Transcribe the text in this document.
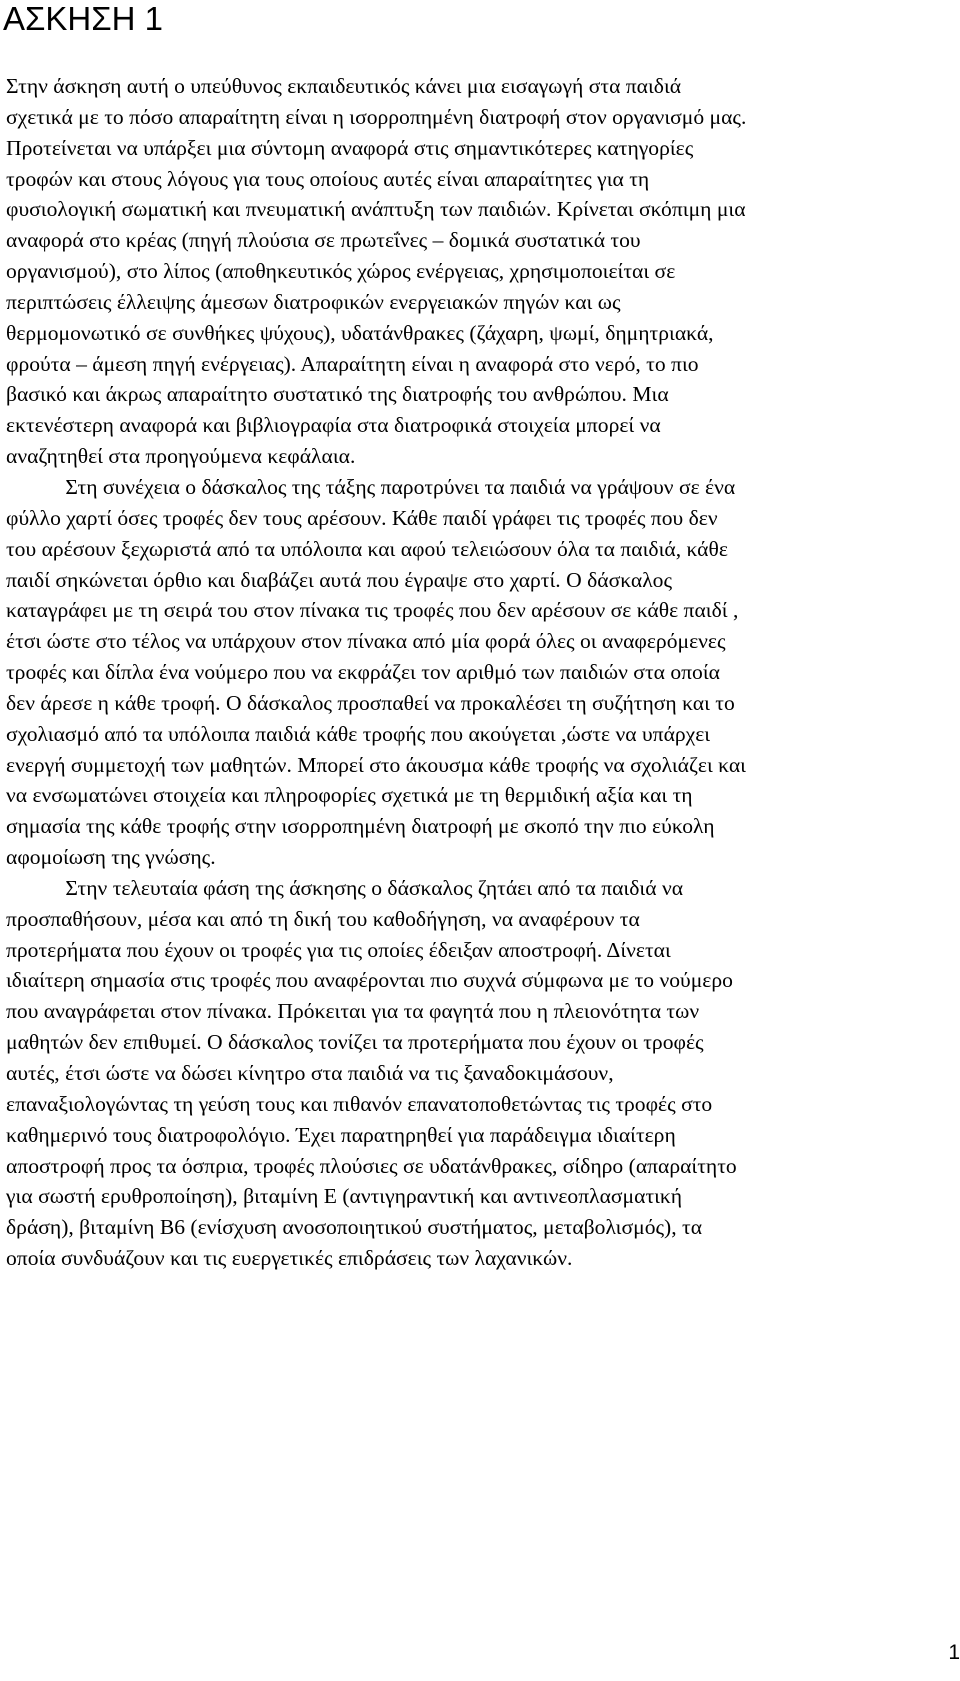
ΑΣΚΗΣΗ 1
Στην άσκηση αυτή ο υπεύθυνος εκπαιδευτικός κάνει μια εισαγωγή στα παιδιά
σχετικά με το πόσο απαραίτητη είναι η ισορροπημένη διατροφή στον οργανισμό μας.
Προτείνεται να υπάρξει μια σύντομη αναφορά στις σημαντικότερες κατηγορίες
τροφών και στους λόγους για τους οποίους αυτές είναι απαραίτητες για τη
φυσιολογική σωματική και πνευματική ανάπτυξη των παιδιών. Κρίνεται σκόπιμη μια
αναφορά στο κρέας (πηγή πλούσια σε πρωτεΐνες – δομικά συστατικά του
οργανισμού), στο λίπος (αποθηκευτικός χώρος ενέργειας, χρησιμοποιείται σε
περιπτώσεις έλλειψης άμεσων διατροφικών ενεργειακών πηγών και ως
θερμομονωτικό σε συνθήκες ψύχους), υδατάνθρακες (ζάχαρη, ψωμί, δημητριακά,
φρούτα – άμεση πηγή ενέργειας). Απαραίτητη είναι η αναφορά στο νερό, το πιο
βασικό και άκρως απαραίτητο συστατικό της διατροφής του ανθρώπου. Μια
εκτενέστερη αναφορά και βιβλιογραφία στα διατροφικά στοιχεία μπορεί να
αναζητηθεί στα προηγούμενα κεφάλαια.
Στη συνέχεια ο δάσκαλος της τάξης παροτρύνει τα παιδιά να γράψουν σε ένα
φύλλο χαρτί όσες τροφές δεν τους αρέσουν. Κάθε παιδί γράφει τις τροφές που δεν
του αρέσουν ξεχωριστά από τα υπόλοιπα και αφού τελειώσουν όλα τα παιδιά, κάθε
παιδί σηκώνεται όρθιο και διαβάζει αυτά που έγραψε στο χαρτί. Ο δάσκαλος
καταγράφει με τη σειρά του στον πίνακα τις τροφές που δεν αρέσουν σε κάθε παιδί ,
έτσι ώστε στο τέλος να υπάρχουν στον πίνακα από μία φορά όλες οι αναφερόμενες
τροφές και δίπλα ένα νούμερο που να εκφράζει τον αριθμό των παιδιών στα οποία
δεν άρεσε η κάθε τροφή. Ο δάσκαλος προσπαθεί να προκαλέσει τη συζήτηση και το
σχολιασμό από τα υπόλοιπα παιδιά κάθε τροφής που ακούγεται ,ώστε να υπάρχει
ενεργή συμμετοχή των μαθητών. Μπορεί στο άκουσμα κάθε τροφής να σχολιάζει και
να ενσωματώνει στοιχεία και πληροφορίες σχετικά με τη θερμιδική αξία και τη
σημασία της κάθε τροφής στην ισορροπημένη διατροφή με σκοπό την πιο εύκολη
αφομοίωση της γνώσης.
Στην τελευταία φάση της άσκησης ο δάσκαλος ζητάει από τα παιδιά να
προσπαθήσουν, μέσα και από τη δική του καθοδήγηση, να αναφέρουν τα
προτερήματα που έχουν οι τροφές για τις οποίες έδειξαν αποστροφή. Δίνεται
ιδιαίτερη σημασία στις τροφές που αναφέρονται πιο συχνά σύμφωνα με το νούμερο
που αναγράφεται στον πίνακα. Πρόκειται για τα φαγητά που η πλειονότητα των
μαθητών δεν επιθυμεί. Ο δάσκαλος τονίζει τα προτερήματα που έχουν οι τροφές
αυτές, έτσι ώστε να δώσει κίνητρο στα παιδιά να τις ξαναδοκιμάσουν,
επαναξιολογώντας τη γεύση τους και πιθανόν επανατοποθετώντας τις τροφές στο
καθημερινό τους διατροφολόγιο. Έχει παρατηρηθεί για παράδειγμα ιδιαίτερη
αποστροφή προς τα όσπρια, τροφές πλούσιες σε υδατάνθρακες, σίδηρο (απαραίτητο
για σωστή ερυθροποίηση), βιταμίνη Ε (αντιγηραντική και αντινεοπλασματική
δράση), βιταμίνη Β6 (ενίσχυση ανοσοποιητικού συστήματος, μεταβολισμός), τα
οποία συνδυάζουν και τις ευεργετικές επιδράσεις των λαχανικών.
1
